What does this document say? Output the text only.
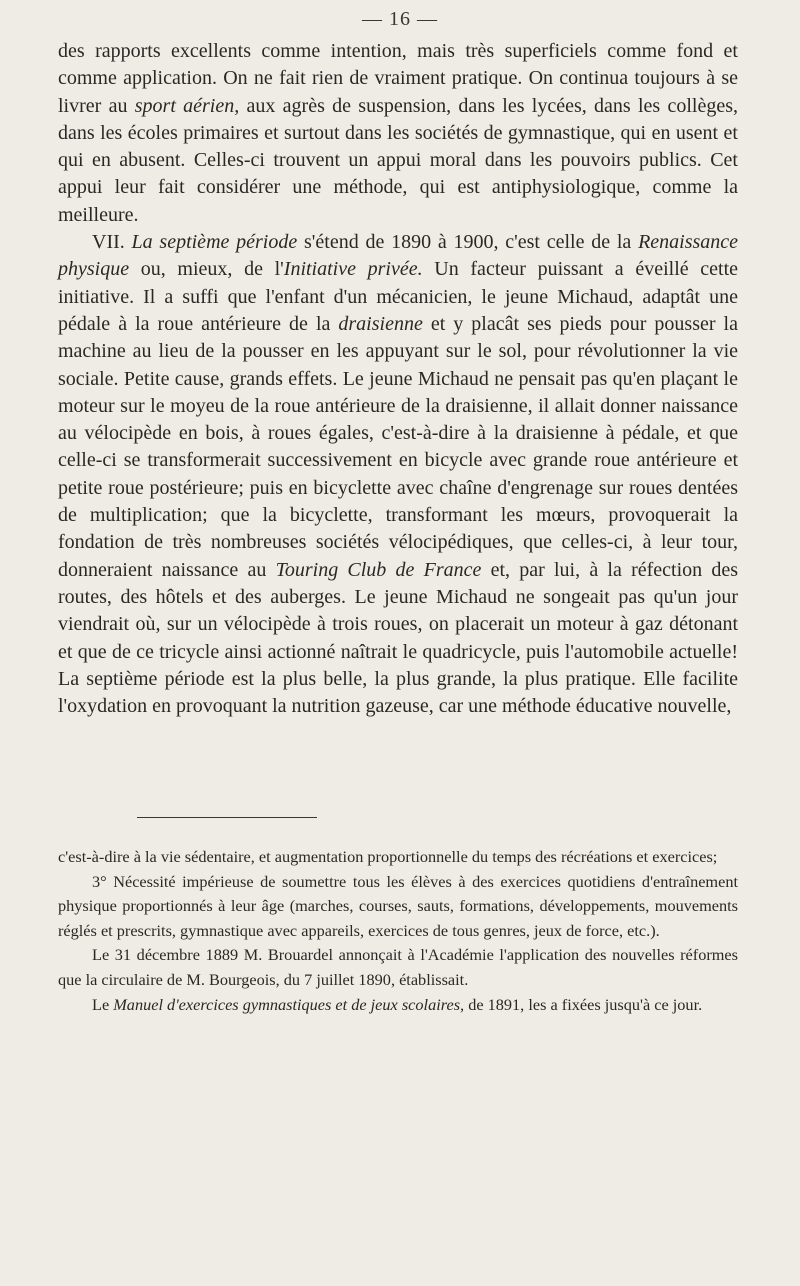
— 16 —

des rapports excellents comme intention, mais très superficiels comme fond et comme application. On ne fait rien de vraiment pratique. On continua toujours à se livrer au sport aérien, aux agrès de suspension, dans les lycées, dans les collèges, dans les écoles primaires et surtout dans les sociétés de gymnastique, qui en usent et qui en abusent. Celles-ci trouvent un appui moral dans les pouvoirs publics. Cet appui leur fait considérer une méthode, qui est antiphysiologique, comme la meilleure.

VII. La septième période s'étend de 1890 à 1900, c'est celle de la Renaissance physique ou, mieux, de l'Initiative privée. Un facteur puissant a éveillé cette initiative. Il a suffi que l'enfant d'un mécanicien, le jeune Michaud, adaptât une pédale à la roue antérieure de la draisienne et y placât ses pieds pour pousser la machine au lieu de la pousser en les appuyant sur le sol, pour révolutionner la vie sociale. Petite cause, grands effets. Le jeune Michaud ne pensait pas qu'en plaçant le moteur sur le moyeu de la roue antérieure de la draisienne, il allait donner naissance au vélocipède en bois, à roues égales, c'est-à-dire à la draisienne à pédale, et que celle-ci se transformerait successivement en bicycle avec grande roue antérieure et petite roue postérieure; puis en bicyclette avec chaîne d'engrenage sur roues dentées de multiplication; que la bicyclette, transformant les mœurs, provoquerait la fondation de très nombreuses sociétés vélocipédiques, que celles-ci, à leur tour, donneraient naissance au Touring Club de France et, par lui, à la réfection des routes, des hôtels et des auberges. Le jeune Michaud ne songeait pas qu'un jour viendrait où, sur un vélocipède à trois roues, on placerait un moteur à gaz détonant et que de ce tricycle ainsi actionné naîtrait le quadricycle, puis l'automobile actuelle! La septième période est la plus belle, la plus grande, la plus pratique. Elle facilite l'oxydation en provoquant la nutrition gazeuse, car une méthode éducative nouvelle,

c'est-à-dire à la vie sédentaire, et augmentation proportionnelle du temps des récréations et exercices;

3° Nécessité impérieuse de soumettre tous les élèves à des exercices quotidiens d'entraînement physique proportionnés à leur âge (marches, courses, sauts, formations, développements, mouvements réglés et prescrits, gymnastique avec appareils, exercices de tous genres, jeux de force, etc.).

Le 31 décembre 1889 M. Brouardel annonçait à l'Académie l'application des nouvelles réformes que la circulaire de M. Bourgeois, du 7 juillet 1890, établissait.

Le Manuel d'exercices gymnastiques et de jeux scolaires, de 1891, les a fixées jusqu'à ce jour.
